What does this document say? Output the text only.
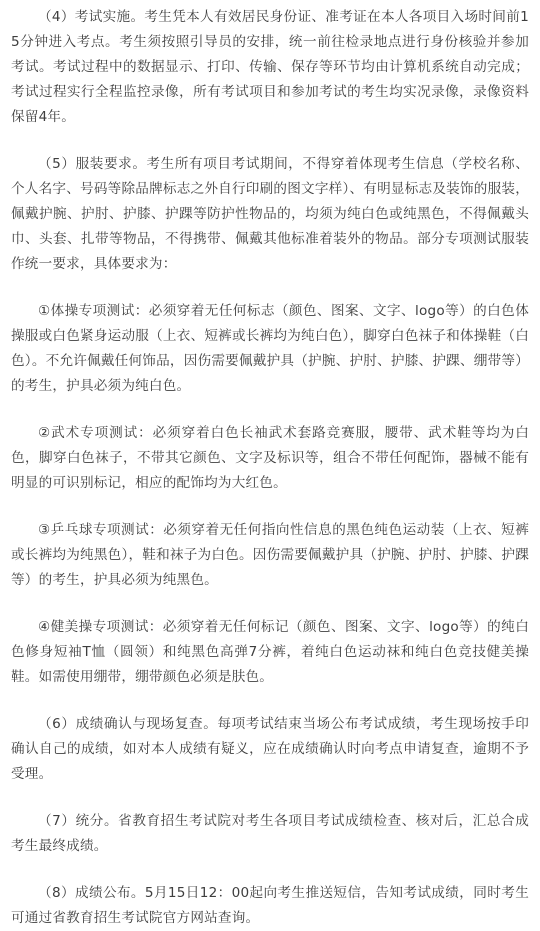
（4）考试实施。考生凭本人有效居民身份证、准考证在本人各项目入场时间前15分钟进入考点。考生须按照引导员的安排，统一前往检录地点进行身份核验并参加考试。考试过程中的数据显示、打印、传输、保存等环节均由计算机系统自动完成；考试过程实行全程监控录像，所有考试项目和参加考试的考生均实况录像，录像资料保留4年。

（5）服装要求。考生所有项目考试期间，不得穿着体现考生信息（学校名称、个人名字、号码等除品牌标志之外自行印刷的图文字样）、有明显标志及装饰的服装，佩戴护腕、护肘、护膝、护踝等防护性物品的，均须为纯白色或纯黑色，不得佩戴头巾、头套、扎带等物品，不得携带、佩戴其他标准着装外的物品。部分专项测试服装作统一要求，具体要求为：

①体操专项测试：必须穿着无任何标志（颜色、图案、文字、logo等）的白色体操服或白色紧身运动服（上衣、短裤或长裤均为纯白色），脚穿白色袜子和体操鞋（白色）。不允许佩戴任何饰品，因伤需要佩戴护具（护腕、护肘、护膝、护踝、绷带等）的考生，护具必须为纯白色。

②武术专项测试：必须穿着白色长袖武术套路竞赛服，腰带、武术鞋等均为白色，脚穿白色袜子，不带其它颜色、文字及标识等，组合不带任何配饰，器械不能有明显的可识别标记，相应的配饰均为大红色。

③乒乓球专项测试：必须穿着无任何指向性信息的黑色纯色运动装（上衣、短裤或长裤均为纯黑色），鞋和袜子为白色。因伤需要佩戴护具（护腕、护肘、护膝、护踝等）的考生，护具必须为纯黑色。

④健美操专项测试：必须穿着无任何标记（颜色、图案、文字、logo等）的纯白色修身短袖T恤（圆领）和纯黑色高弹7分裤，着纯白色运动袜和纯白色竞技健美操鞋。如需使用绷带，绷带颜色必须是肤色。

（6）成绩确认与现场复查。每项考试结束当场公布考试成绩，考生现场按手印确认自己的成绩，如对本人成绩有疑义，应在成绩确认时向考点申请复查，逾期不予受理。

（7）统分。省教育招生考试院对考生各项目考试成绩检查、核对后，汇总合成考生最终成绩。

（8）成绩公布。5月15日12：00起向考生推送短信，告知考试成绩，同时考生可通过省教育招生考试院官方网站查询。
